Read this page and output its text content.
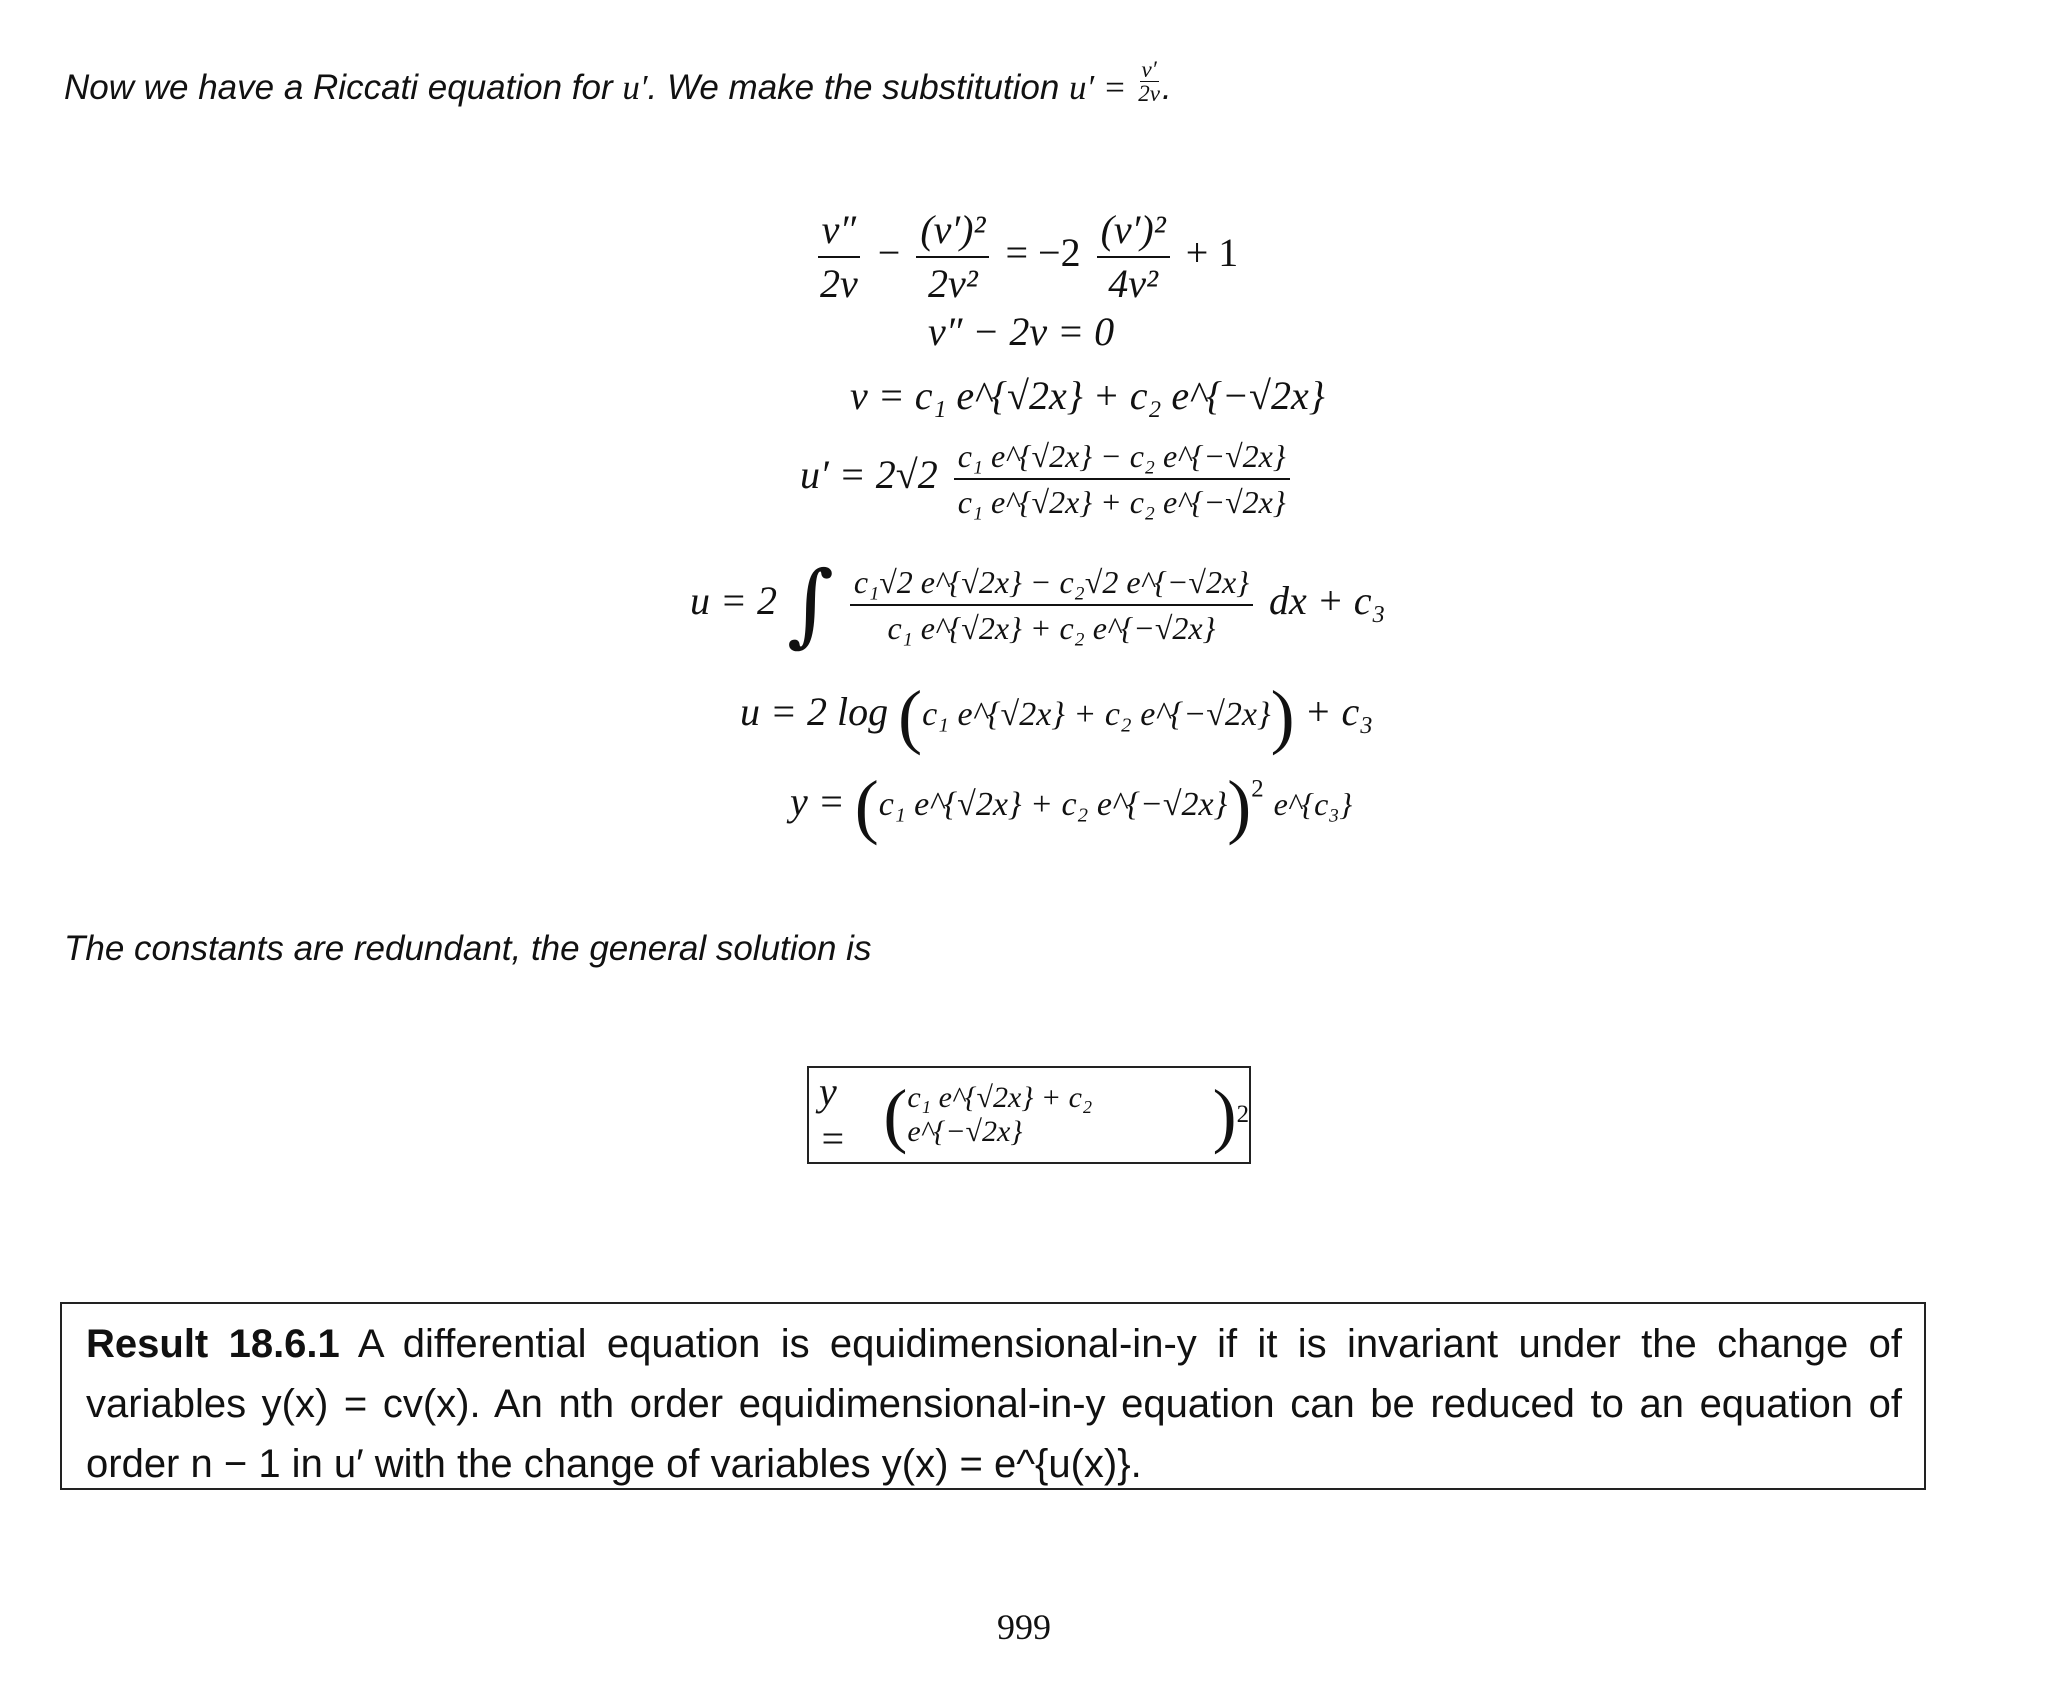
Now we have a Riccati equation for u′. We make the substitution $u' = \frac{v'}{2v}$ .
$\frac{v''}{2v} - \frac{\text{(v′)²}}{\text{2v²}} = -2 \frac{\text{(v′)²}}{\text{4v²}} + 1$
v″ − 2v = 0
v = c₁ e^{√2x} + c₂ e^{−√2x}
$u' = 2√2 \frac{\text{c₁ e\textasciicircum{}\{√2x\} − c₂ e\textasciicircum{}\{−√2x\}}}{\text{c₁ e\textasciicircum{}\{√2x\} + c₂ e\textasciicircum{}\{−√2x\}}}$
u = 2 ∫ $\frac{\text{c₁√2 e\textasciicircum{}\{√2x\} − c₂√2 e\textasciicircum{}\{−√2x\}}}{\text{c₁ e\textasciicircum{}\{√2x\} + c₂ e\textasciicircum{}\{−√2x\}}}$ dx + c₃
u = 2 log (c₁ e^{√2x} + c₂ e^{−√2x}) + c₃
y = (c₁ e^{√2x} + c₂ e^{−√2x})$^2$ e^{c₃}
The constants are redundant, the general solution is
y =
( c₁ e^{√2x} + c₂ e^{−√2x}	) 2
Result 18.6.1 A differential equation is equidimensional-in-y if it is invariant under the change of variables y(x) = cv(x). An nth order equidimensional-in-y equation can be reduced to an equation of order n − 1 in u′ with the change of variables y(x) = e^{u(x)}.
999
